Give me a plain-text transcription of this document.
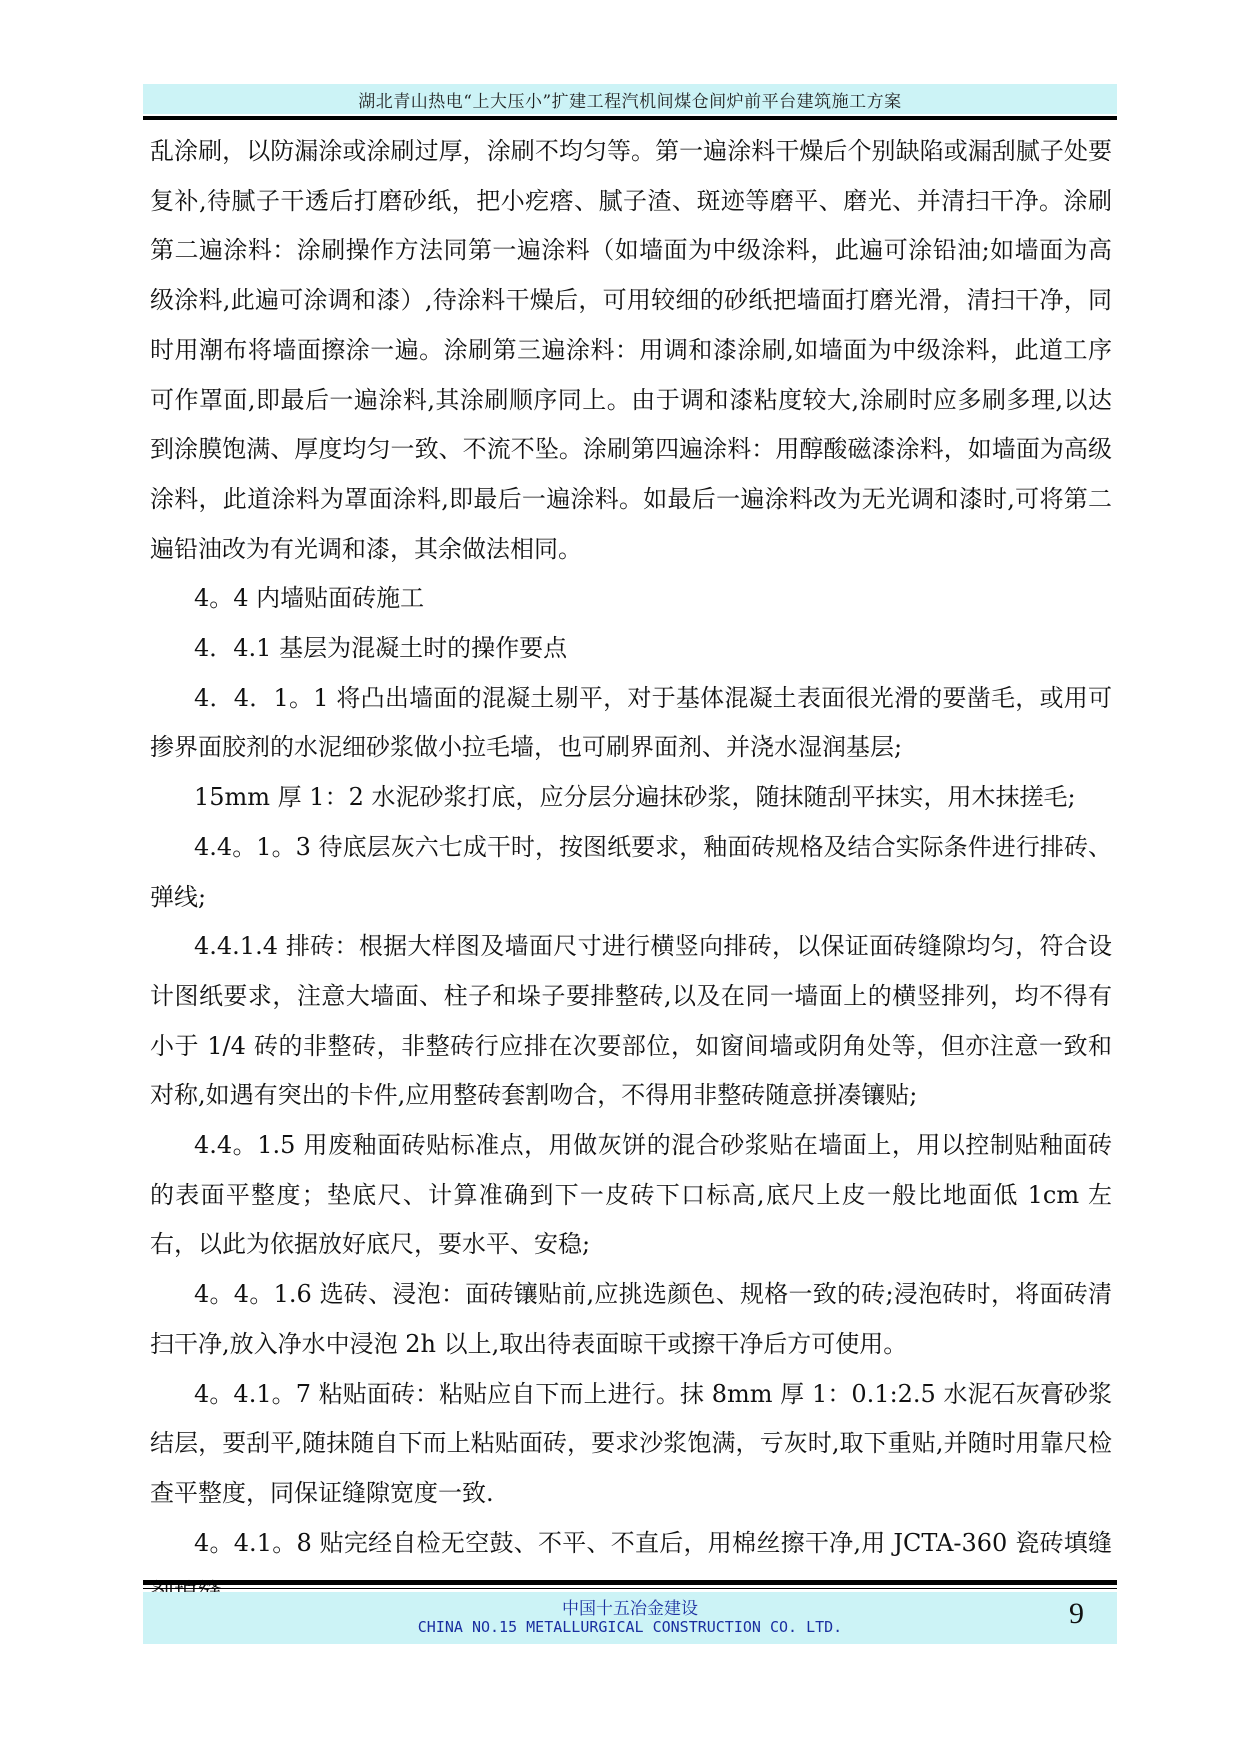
湖北青山热电“上大压小”扩建工程汽机间煤仓间炉前平台建筑施工方案

乱涂刷，以防漏涂或涂刷过厚，涂刷不均匀等。第一遍涂料干燥后个别缺陷或漏刮腻子处要复补,待腻子干透后打磨砂纸，把小疙瘩、腻子渣、斑迹等磨平、磨光、并清扫干净。涂刷第二遍涂料：涂刷操作方法同第一遍涂料（如墙面为中级涂料，此遍可涂铅油;如墙面为高级涂料,此遍可涂调和漆）,待涂料干燥后，可用较细的砂纸把墙面打磨光滑，清扫干净，同时用潮布将墙面擦涂一遍。涂刷第三遍涂料：用调和漆涂刷,如墙面为中级涂料，此道工序可作罩面,即最后一遍涂料,其涂刷顺序同上。由于调和漆粘度较大,涂刷时应多刷多理,以达到涂膜饱满、厚度均匀一致、不流不坠。涂刷第四遍涂料：用醇酸磁漆涂料，如墙面为高级涂料，此道涂料为罩面涂料,即最后一遍涂料。如最后一遍涂料改为无光调和漆时,可将第二遍铅油改为有光调和漆，其余做法相同。

4。4 内墙贴面砖施工

4．4.1 基层为混凝土时的操作要点

4．4．1。1 将凸出墙面的混凝土剔平，对于基体混凝土表面很光滑的要凿毛，或用可掺界面胶剂的水泥细砂浆做小拉毛墙，也可刷界面剂、并浇水湿润基层;

15mm 厚 1：2 水泥砂浆打底，应分层分遍抹砂浆，随抹随刮平抹实，用木抹搓毛;

4.4。1。3 待底层灰六七成干时，按图纸要求，釉面砖规格及结合实际条件进行排砖、弹线;

4.4.1.4 排砖：根据大样图及墙面尺寸进行横竖向排砖，以保证面砖缝隙均匀，符合设计图纸要求，注意大墙面、柱子和垛子要排整砖,以及在同一墙面上的横竖排列，均不得有小于 1/4 砖的非整砖，非整砖行应排在次要部位，如窗间墙或阴角处等，但亦注意一致和对称,如遇有突出的卡件,应用整砖套割吻合，不得用非整砖随意拼凑镶贴;

4.4。1.5 用废釉面砖贴标准点，用做灰饼的混合砂浆贴在墙面上，用以控制贴釉面砖的表面平整度；垫底尺、计算准确到下一皮砖下口标高,底尺上皮一般比地面低 1cm 左右，以此为依据放好底尺，要水平、安稳;

4。4。1.6 选砖、浸泡：面砖镶贴前,应挑选颜色、规格一致的砖;浸泡砖时，将面砖清扫干净,放入净水中浸泡 2h 以上,取出待表面晾干或擦干净后方可使用。

4。4.1。7 粘贴面砖：粘贴应自下而上进行。抹 8mm 厚 1：0.1:2.5 水泥石灰膏砂浆结层，要刮平,随抹随自下而上粘贴面砖，要求沙浆饱满，亏灰时,取下重贴,并随时用靠尺检查平整度，同保证缝隙宽度一致.

4。4.1。8 贴完经自检无空鼓、不平、不直后，用棉丝擦干净,用 JCTA-360 瓷砖填缝

中国十五冶金建设
CHINA NO.15 METALLURGICAL CONSTRUCTION CO. LTD.	9
